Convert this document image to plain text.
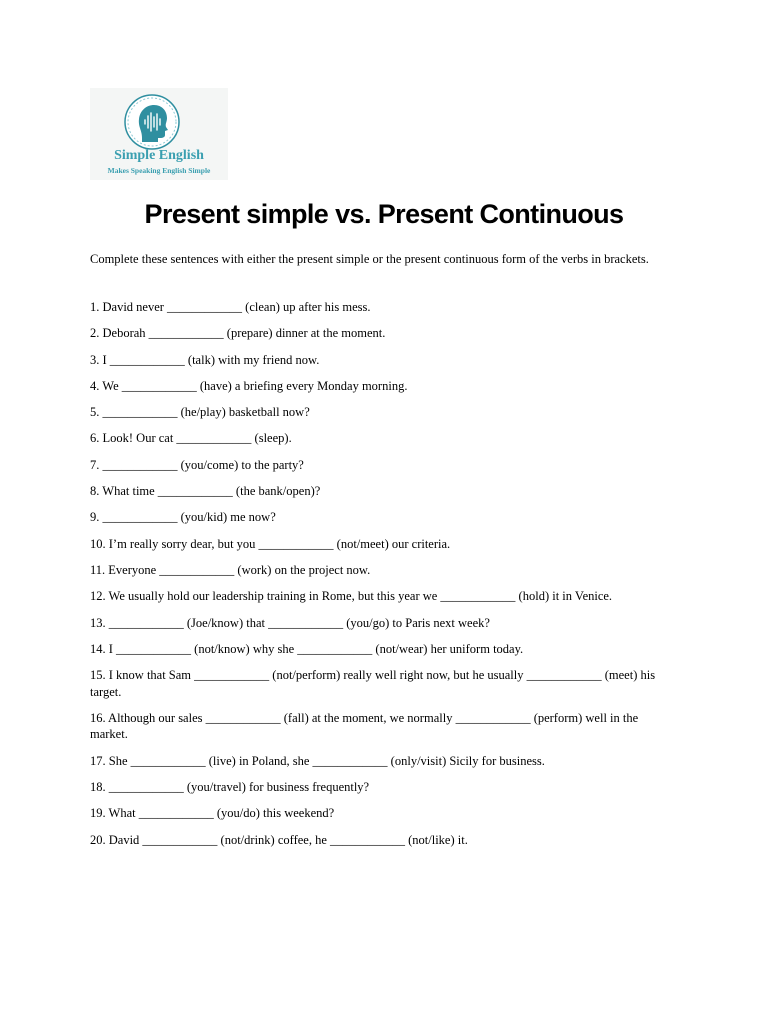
Simple English
Makes Speaking English Simple
Present simple vs. Present Continuous
Complete these sentences with either the present simple or the present continuous form of the verbs in brackets.
1. David never ____________ (clean) up after his mess.
2. Deborah ____________ (prepare) dinner at the moment.
3. I ____________ (talk) with my friend now.
4. We ____________ (have) a briefing every Monday morning.
5. ____________ (he/play) basketball now?
6. Look! Our cat ____________ (sleep).
7. ____________ (you/come) to the party?
8. What time ____________ (the bank/open)?
9. ____________ (you/kid) me now?
10. I’m really sorry dear, but you ____________ (not/meet) our criteria.
11. Everyone ____________ (work) on the project now.
12. We usually hold our leadership training in Rome, but this year we ____________ (hold) it in Venice.
13. ____________ (Joe/know) that ____________ (you/go) to Paris next week?
14. I ____________ (not/know) why she ____________ (not/wear) her uniform today.
15. I know that Sam ____________ (not/perform) really well right now, but he usually ____________ (meet) his target.
16. Although our sales ____________ (fall) at the moment, we normally ____________ (perform) well in the market.
17. She ____________ (live) in Poland, she ____________ (only/visit) Sicily for business.
18. ____________ (you/travel) for business frequently?
19. What ____________ (you/do) this weekend?
20. David ____________ (not/drink) coffee, he ____________ (not/like) it.
